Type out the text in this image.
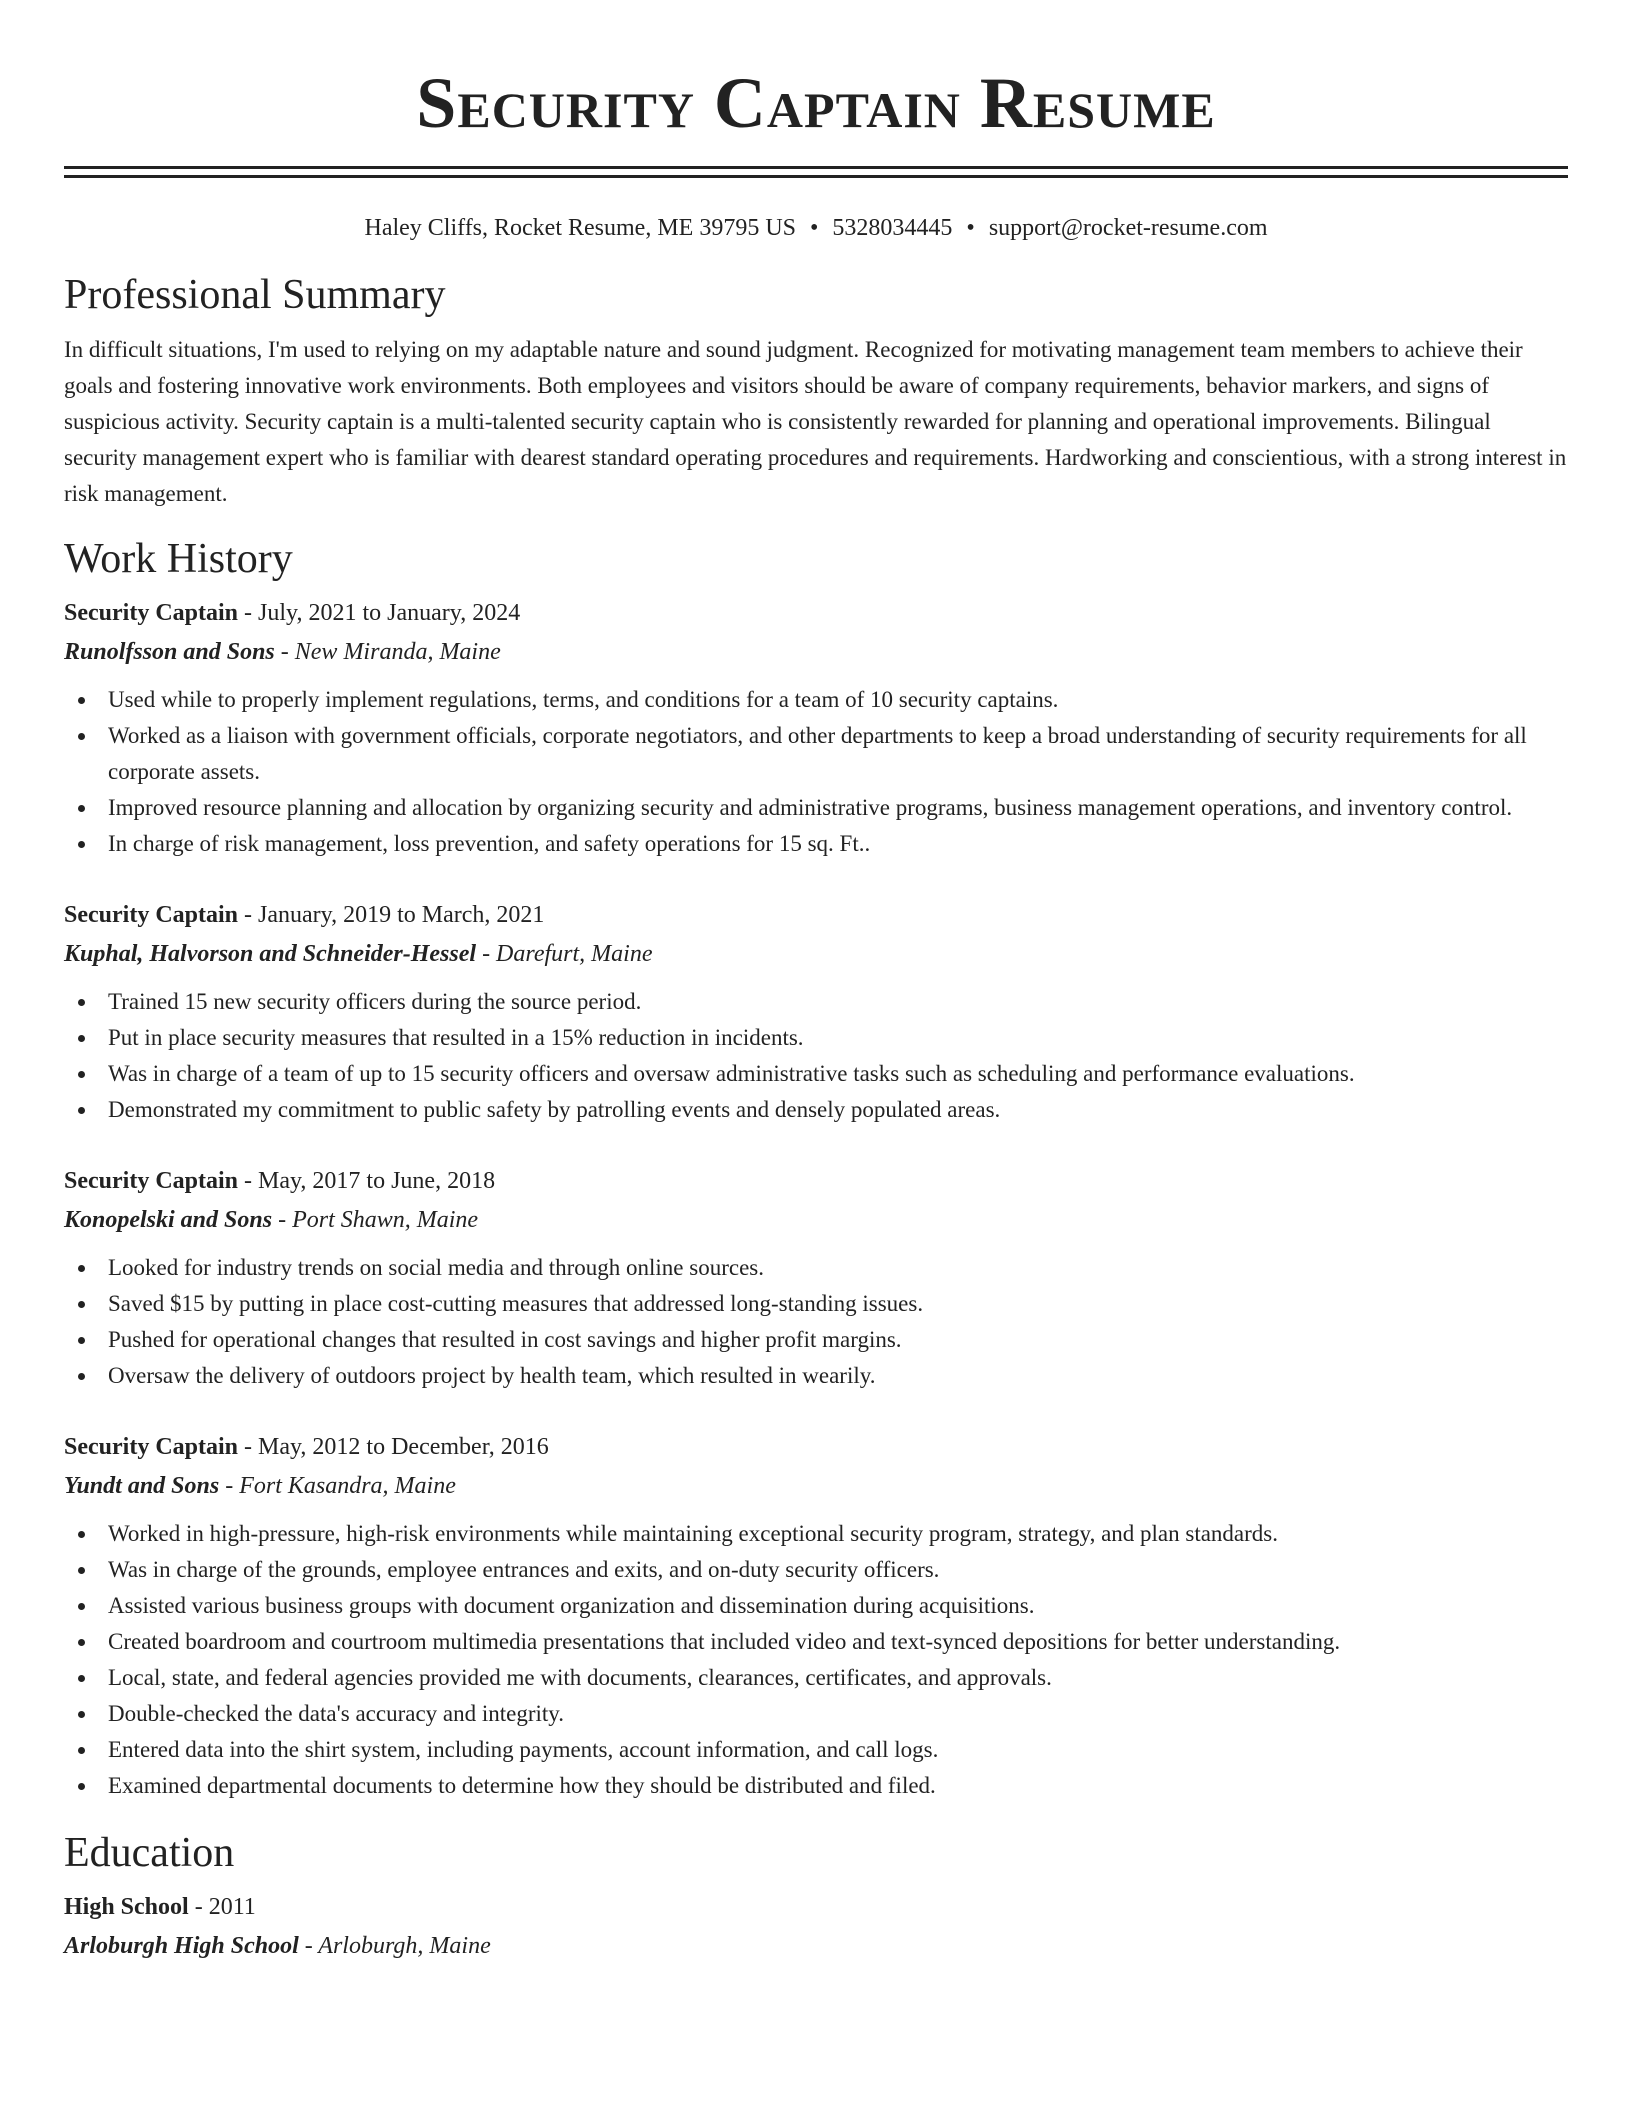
Security Captain Resume
Haley Cliffs, Rocket Resume, ME 39795 US • 5328034445 • support@rocket-resume.com
Professional Summary
In difficult situations, I'm used to relying on my adaptable nature and sound judgment. Recognized for motivating management team members to achieve their goals and fostering innovative work environments. Both employees and visitors should be aware of company requirements, behavior markers, and signs of suspicious activity. Security captain is a multi-talented security captain who is consistently rewarded for planning and operational improvements. Bilingual security management expert who is familiar with dearest standard operating procedures and requirements. Hardworking and conscientious, with a strong interest in risk management.
Work History
Security Captain - July, 2021 to January, 2024
Runolfsson and Sons - New Miranda, Maine
Used while to properly implement regulations, terms, and conditions for a team of 10 security captains.
Worked as a liaison with government officials, corporate negotiators, and other departments to keep a broad understanding of security requirements for all corporate assets.
Improved resource planning and allocation by organizing security and administrative programs, business management operations, and inventory control.
In charge of risk management, loss prevention, and safety operations for 15 sq. Ft..
Security Captain - January, 2019 to March, 2021
Kuphal, Halvorson and Schneider-Hessel - Darefurt, Maine
Trained 15 new security officers during the source period.
Put in place security measures that resulted in a 15% reduction in incidents.
Was in charge of a team of up to 15 security officers and oversaw administrative tasks such as scheduling and performance evaluations.
Demonstrated my commitment to public safety by patrolling events and densely populated areas.
Security Captain - May, 2017 to June, 2018
Konopelski and Sons - Port Shawn, Maine
Looked for industry trends on social media and through online sources.
Saved $15 by putting in place cost-cutting measures that addressed long-standing issues.
Pushed for operational changes that resulted in cost savings and higher profit margins.
Oversaw the delivery of outdoors project by health team, which resulted in wearily.
Security Captain - May, 2012 to December, 2016
Yundt and Sons - Fort Kasandra, Maine
Worked in high-pressure, high-risk environments while maintaining exceptional security program, strategy, and plan standards.
Was in charge of the grounds, employee entrances and exits, and on-duty security officers.
Assisted various business groups with document organization and dissemination during acquisitions.
Created boardroom and courtroom multimedia presentations that included video and text-synced depositions for better understanding.
Local, state, and federal agencies provided me with documents, clearances, certificates, and approvals.
Double-checked the data's accuracy and integrity.
Entered data into the shirt system, including payments, account information, and call logs.
Examined departmental documents to determine how they should be distributed and filed.
Education
High School - 2011
Arloburgh High School - Arloburgh, Maine
